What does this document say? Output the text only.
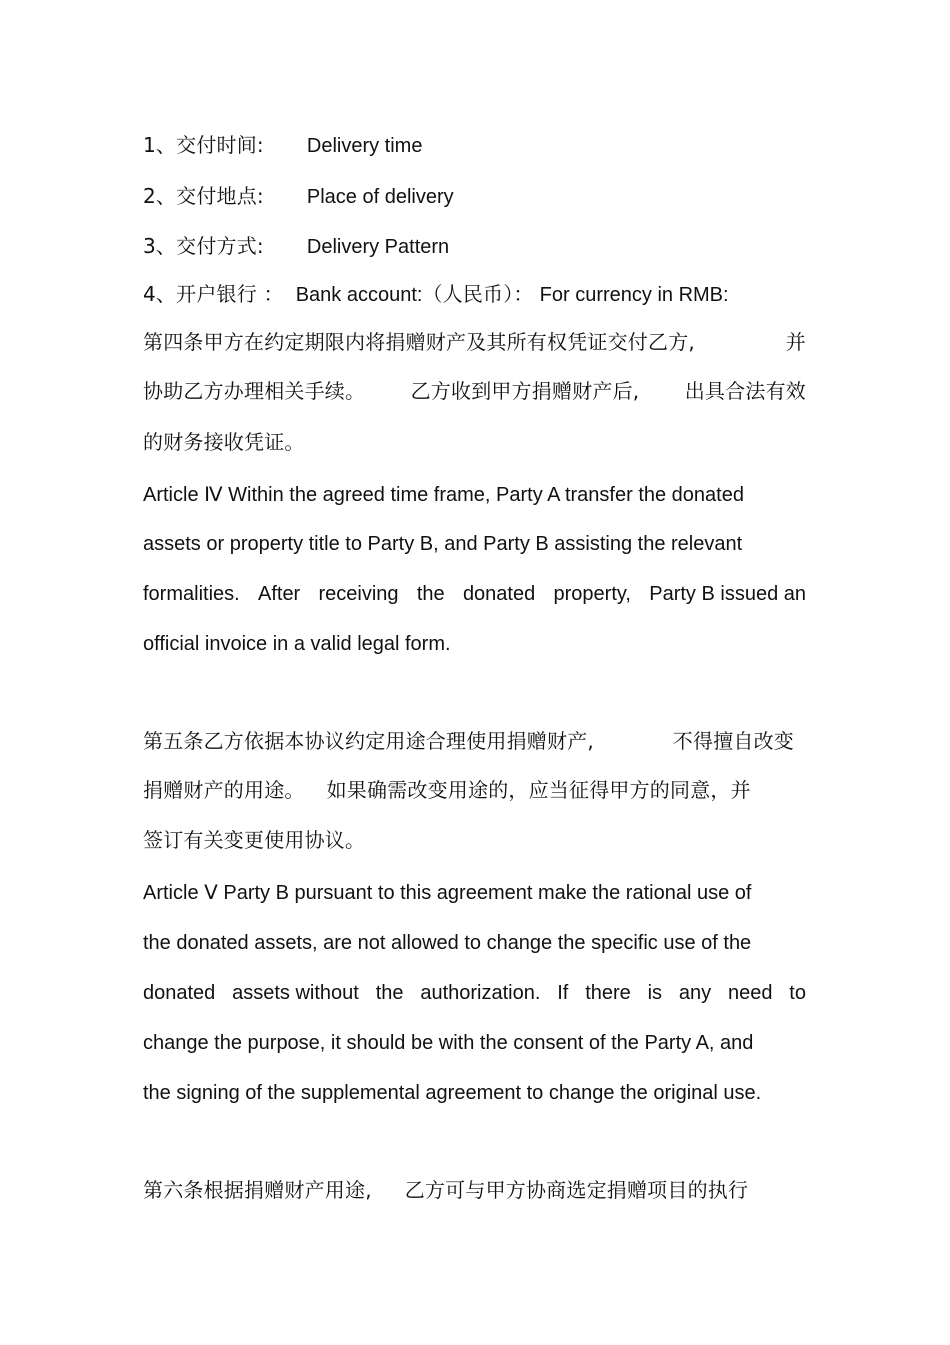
1、交付时间: Delivery time
2、交付地点: Place of delivery
3、交付方式: Delivery Pattern
4、开户银行 ： Bank account:（人民币）： For currency in RMB:
第四条甲方在约定期限内将捐赠财产及其所有权凭证交付乙方,	并
协助乙方办理相关手续。 乙方收到甲方捐赠财产后, 出具合法有效
的财务接收凭证。
Article Ⅳ Within the agreed time frame, Party A transfer the donated
assets or property title to Party B, and Party B assisting the relevant
formalities. After receiving the donated property, Party B issued an
official invoice in a valid legal form.
第五条乙方依据本协议约定用途合理使用捐赠财产,	不得擅自改变
捐赠财产的用途。 如果确需改变用途的，应当征得甲方的同意，并
签订有关变更使用协议。
Article Ⅴ Party B pursuant to this agreement make the rational use of
the donated assets, are not allowed to change the specific use of the
donated assets without the authorization. If there is any need to
change the purpose, it should be with the consent of the Party A, and
the signing of the supplemental agreement to change the original use.
第六条根据捐赠财产用途, 乙方可与甲方协商选定捐赠项目的执行
